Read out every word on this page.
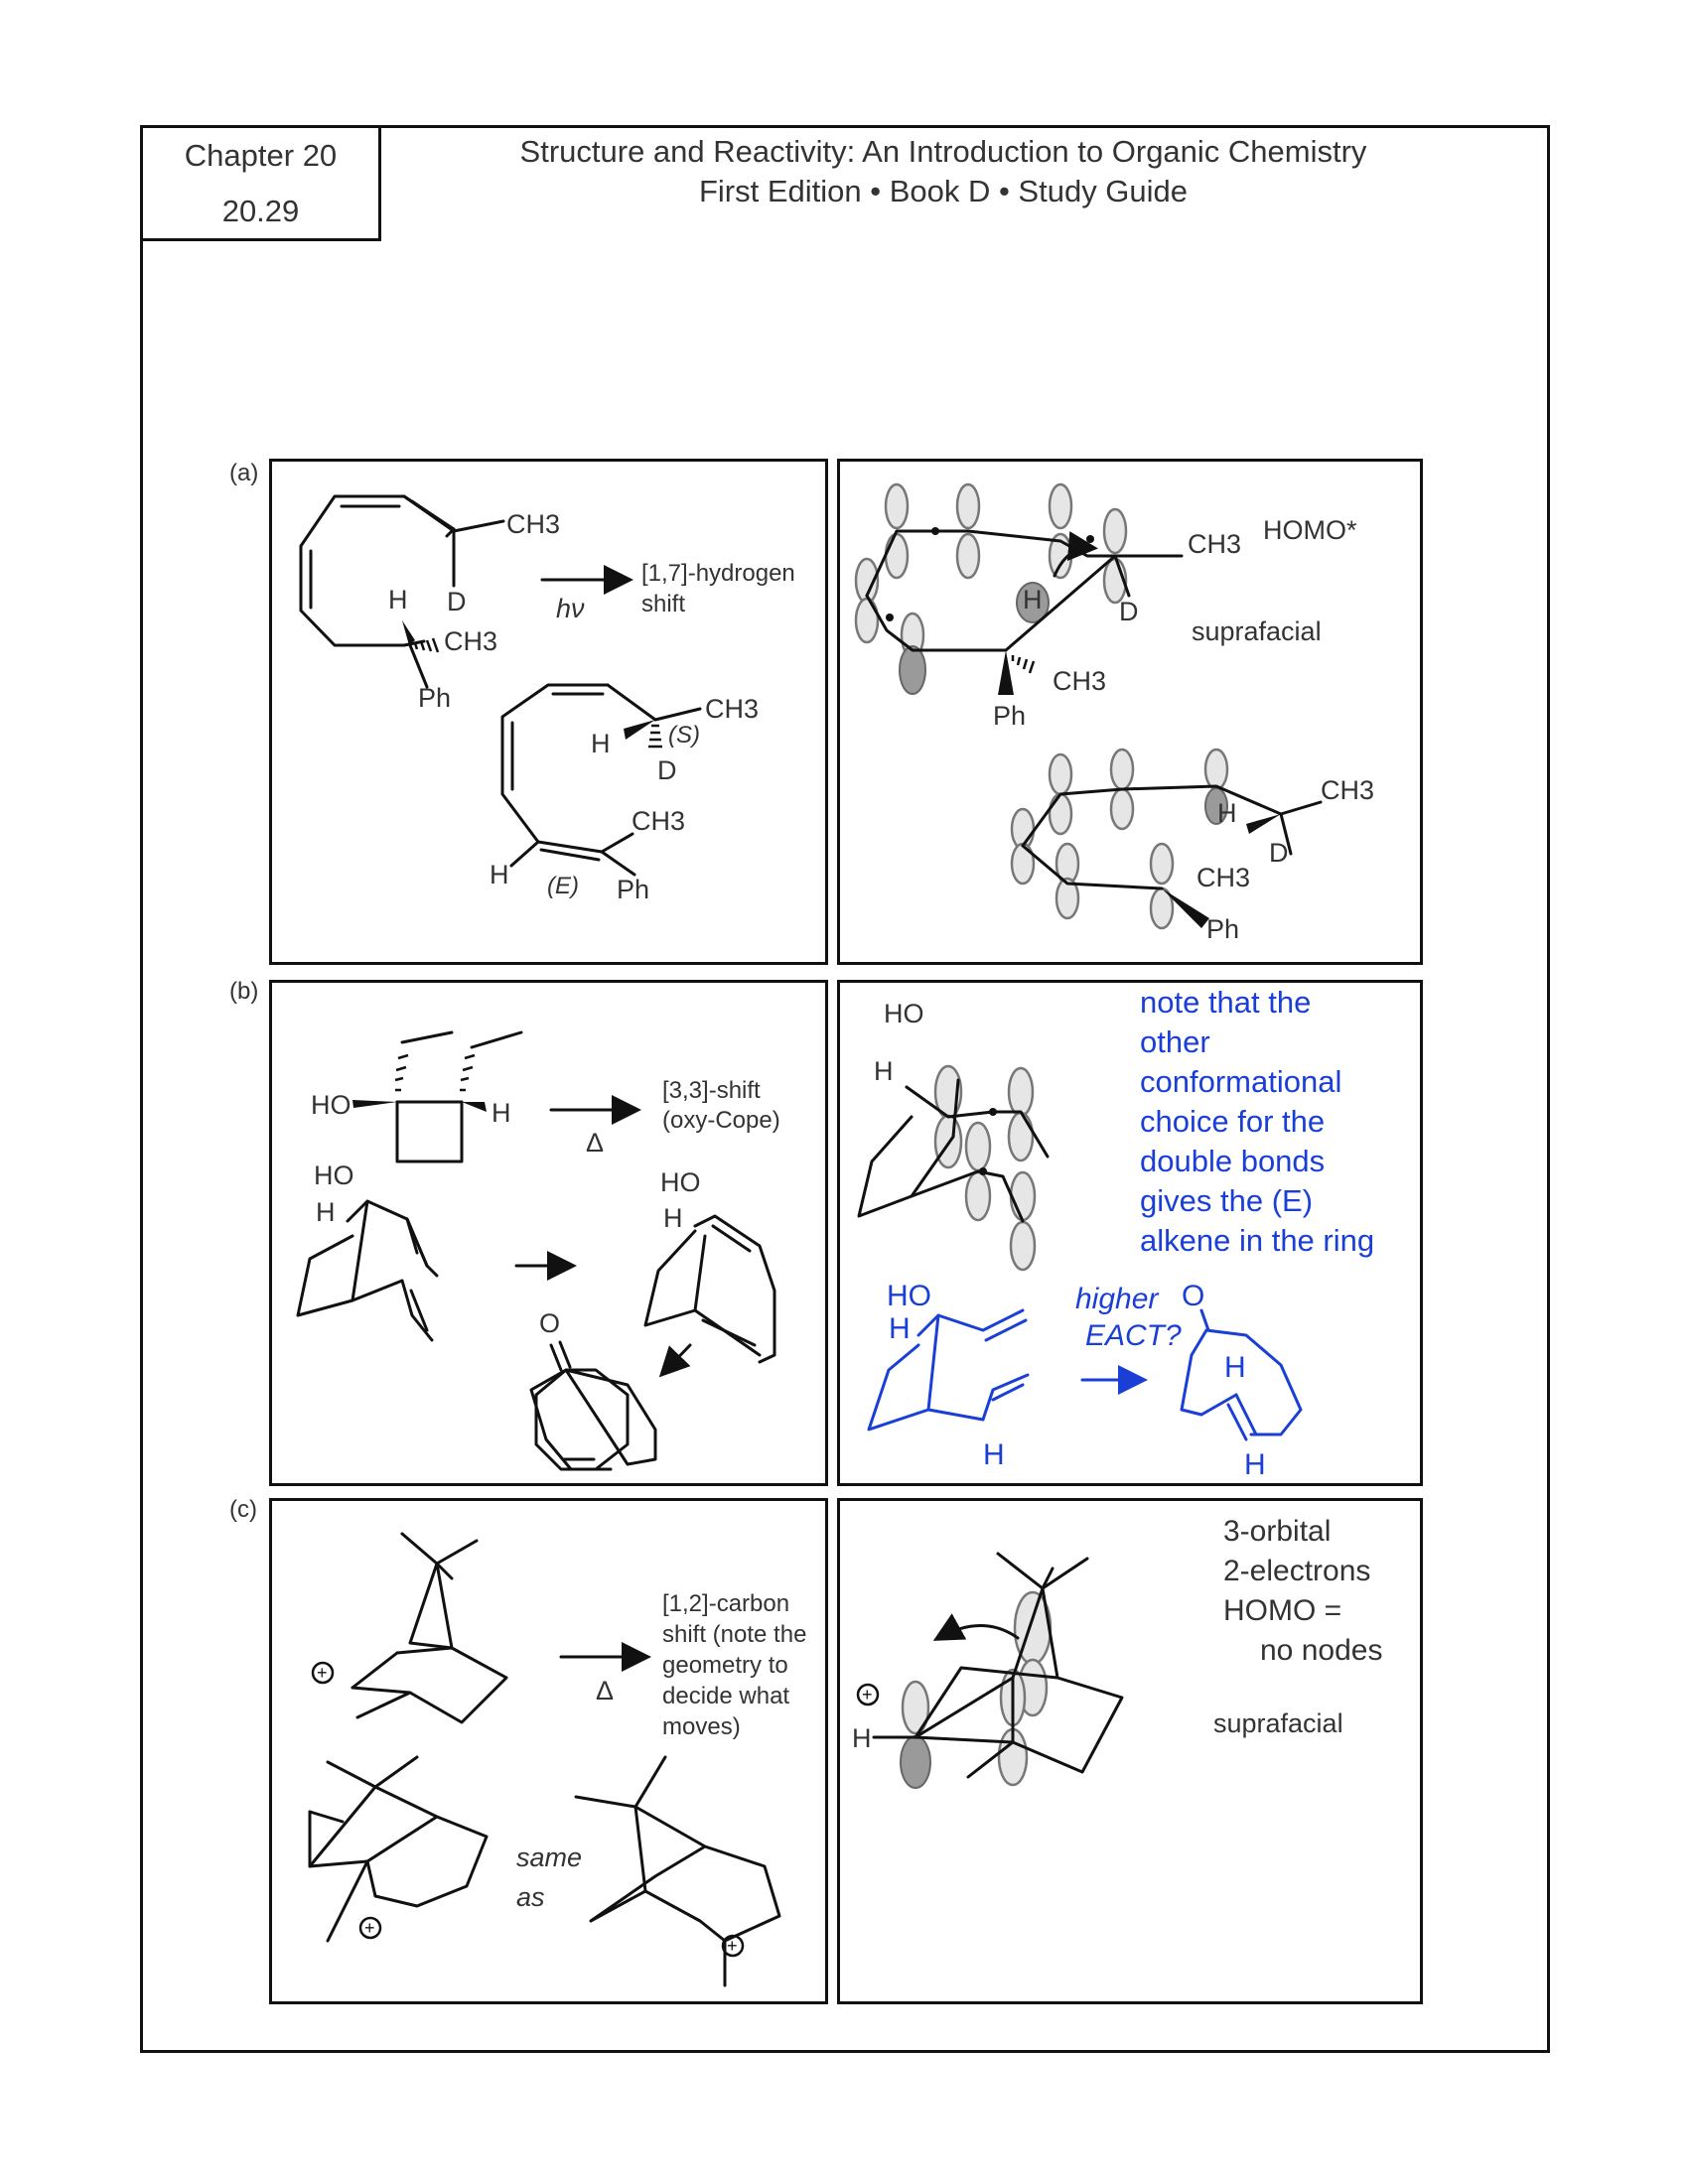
Chapter 20
20.29
Structure and Reactivity: An Introduction to Organic Chemistry
First Edition • Book D • Study Guide
(a)
(b)
(c)
CH3
D
H
CH3
Ph
[1,7]-hydrogen
shift
hν
CH3
H (S)
D
CH3
H (E) Ph
H	D
CH3
CH3
Ph
HOMO*
suprafacial
H
D
CH3
CH3
Ph
HO	H
Δ
[3,3]-shift
(oxy-Cope)
HO
H
HO
H
O
HO
H
HO
H
H
higher
EACT?
O
H
H
note that the
other
conformational
choice for the
double bonds
gives the (E)
alkene in the ring
+
Δ
+
same
as
+
[1,2]-carbon
shift (note the
geometry to
decide what
moves)
+
H	suprafacial
3-orbital
2-electrons
HOMO =
no nodes
